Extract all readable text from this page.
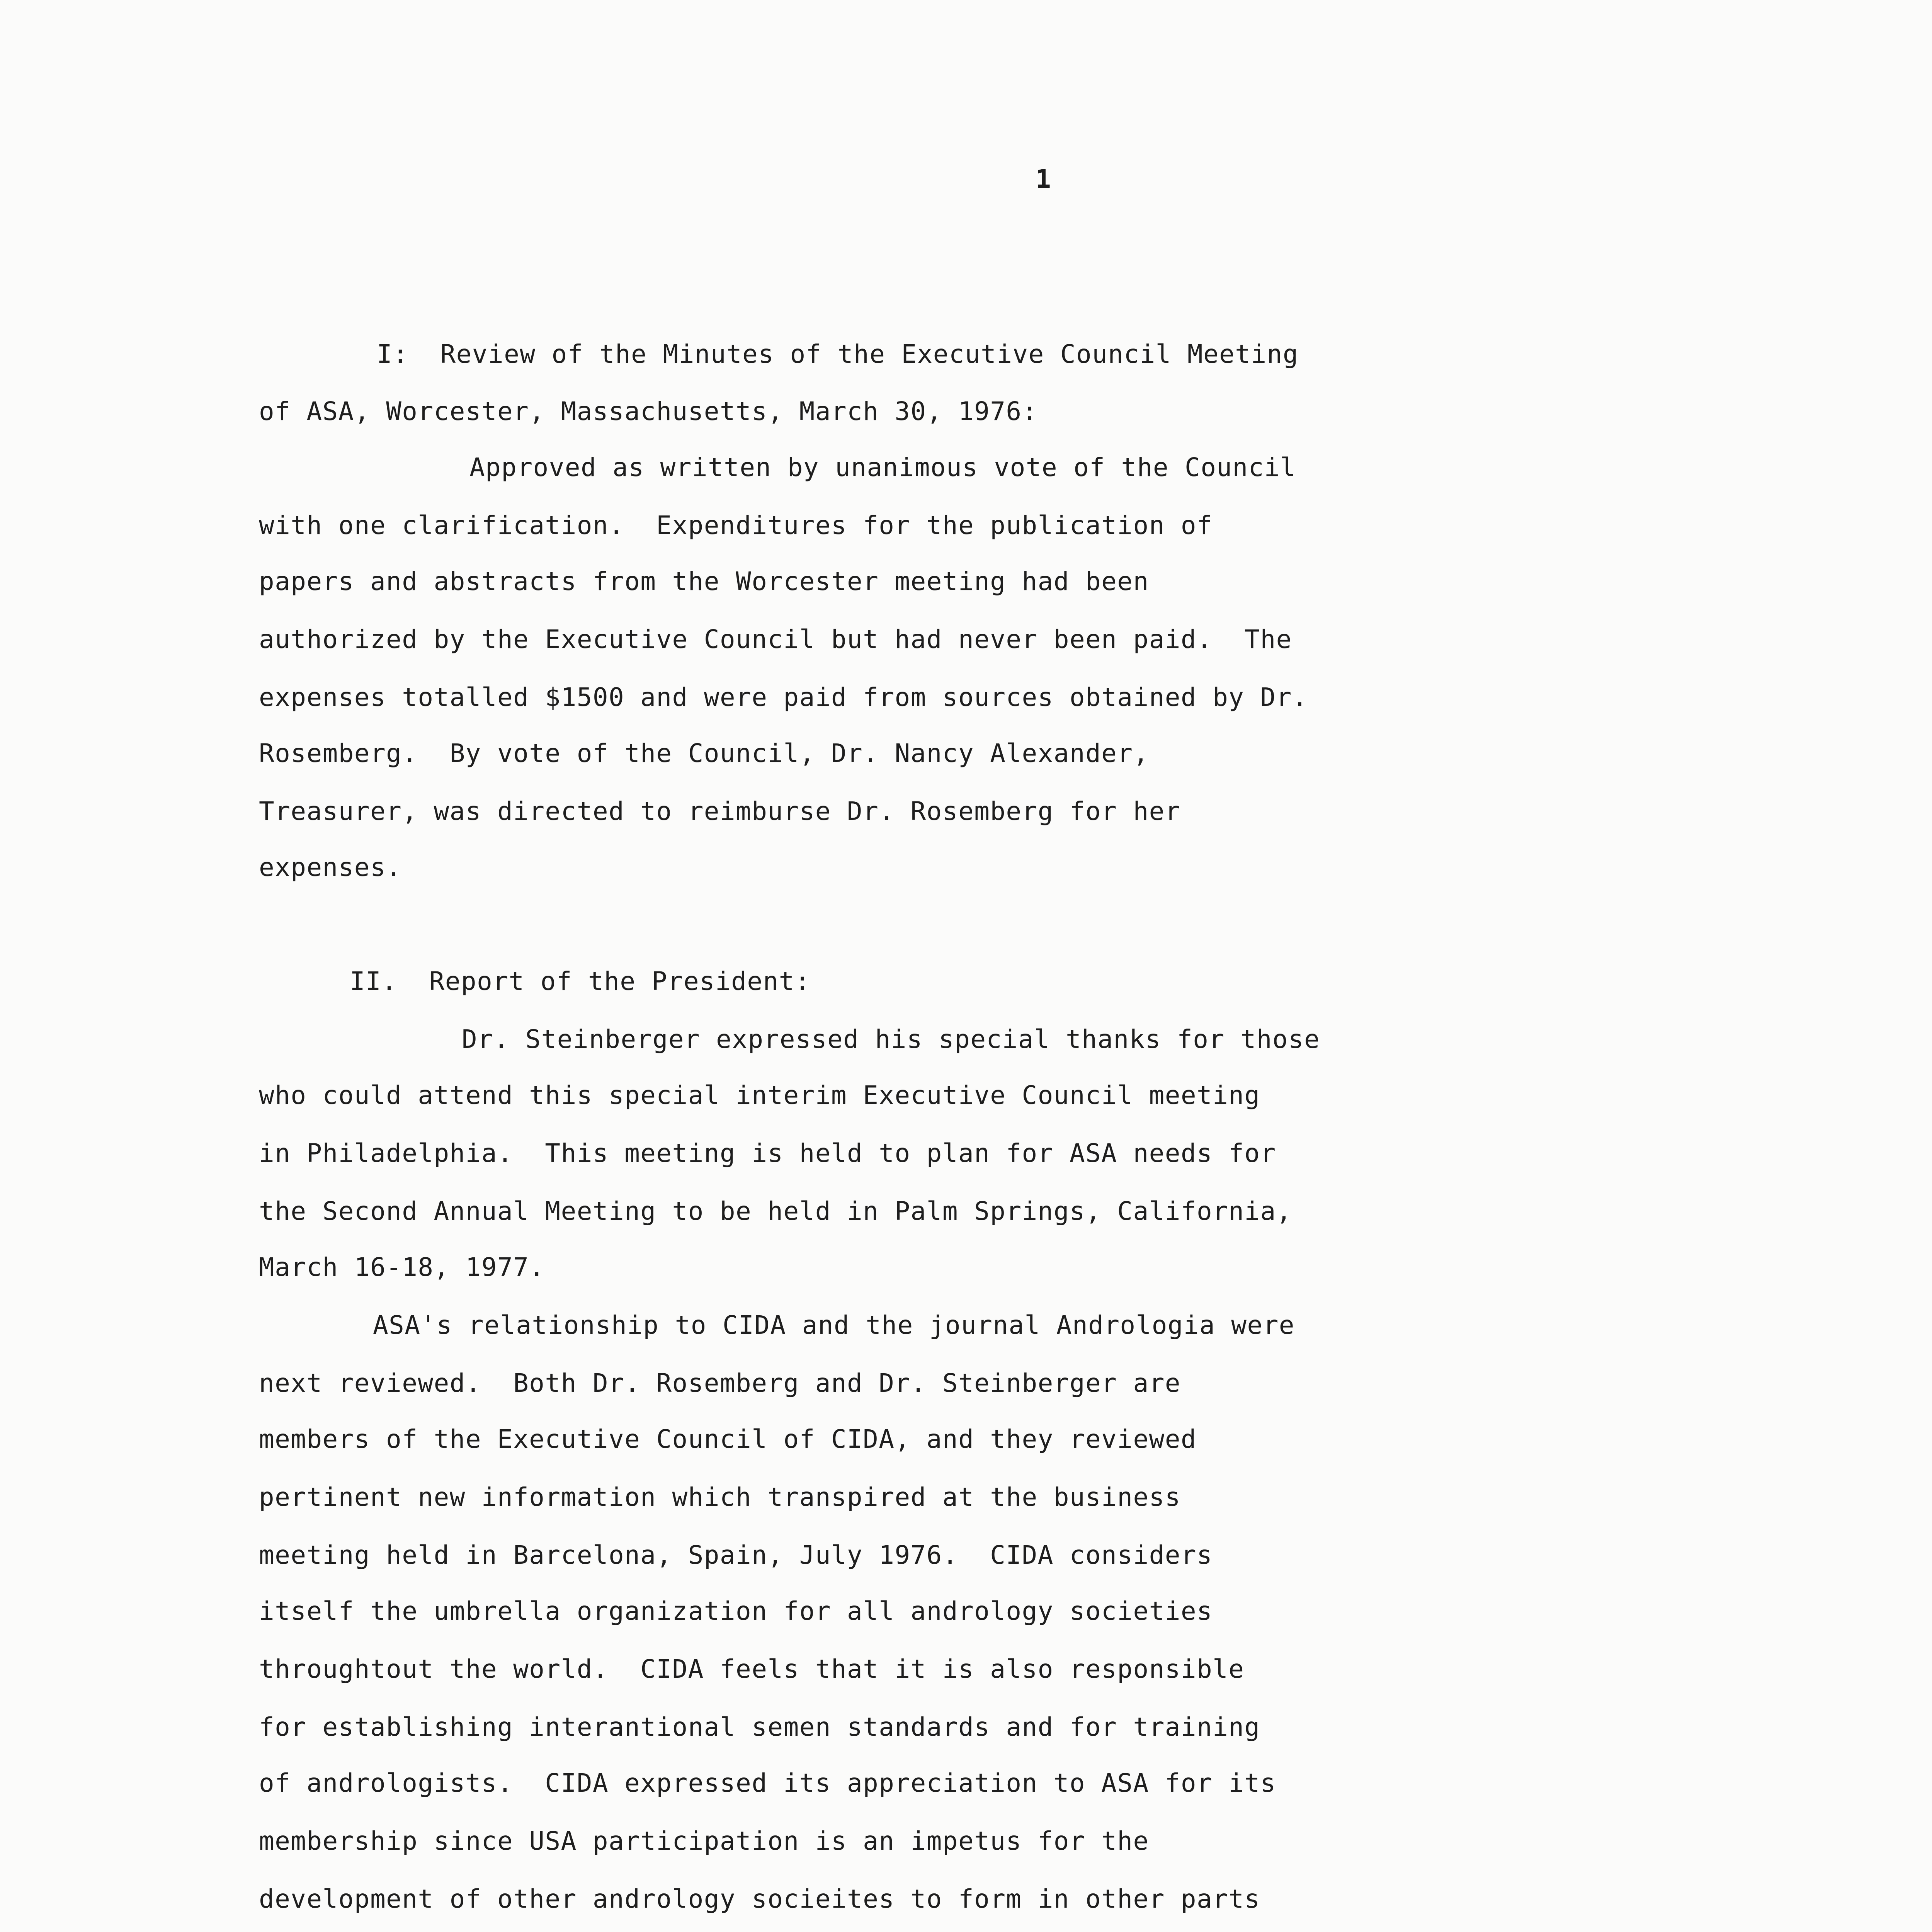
1
I:  Review of the Minutes of the Executive Council Meeting
of ASA, Worcester, Massachusetts, March 30, 1976:
Approved as written by unanimous vote of the Council
with one clarification.  Expenditures for the publication of
papers and abstracts from the Worcester meeting had been
authorized by the Executive Council but had never been paid.  The
expenses totalled $1500 and were paid from sources obtained by Dr.
Rosemberg.  By vote of the Council, Dr. Nancy Alexander,
Treasurer, was directed to reimburse Dr. Rosemberg for her
expenses.
II.  Report of the President:
Dr. Steinberger expressed his special thanks for those
who could attend this special interim Executive Council meeting
in Philadelphia.  This meeting is held to plan for ASA needs for
the Second Annual Meeting to be held in Palm Springs, California,
March 16-18, 1977.
ASA's relationship to CIDA and the journal Andrologia were
next reviewed.  Both Dr. Rosemberg and Dr. Steinberger are
members of the Executive Council of CIDA, and they reviewed
pertinent new information which transpired at the business
meeting held in Barcelona, Spain, July 1976.  CIDA considers
itself the umbrella organization for all andrology societies
throughtout the world.  CIDA feels that it is also responsible
for establishing interantional semen standards and for training
of andrologists.  CIDA expressed its appreciation to ASA for its
membership since USA participation is an impetus for the
development of other andrology socieites to form in other parts
